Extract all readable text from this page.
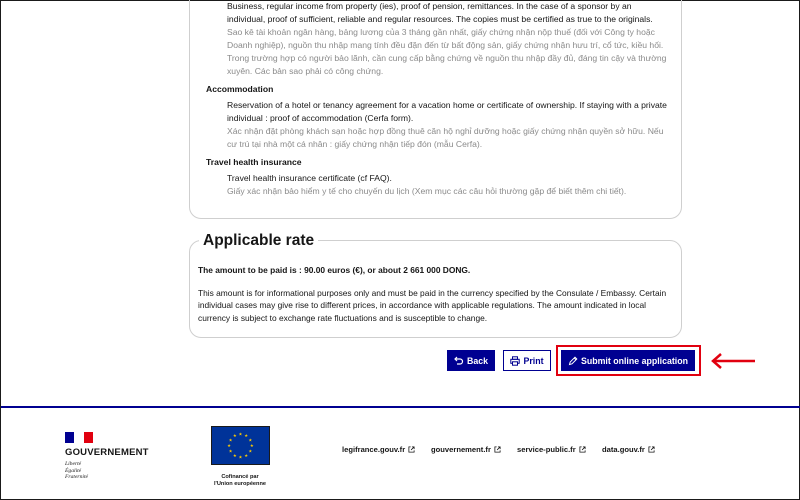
Business, regular income from property (ies), proof of pension, remittances. In the case of a sponsor by an individual, proof of sufficient, reliable and regular resources. The copies must be certified as true to the originals.
Sao kê tài khoản ngân hàng, bảng lương của 3 tháng gần nhất, giấy chứng nhận nộp thuế (đối với Công ty hoặc Doanh nghiệp), nguồn thu nhập mang tính đều đặn đến từ bất động sản, giấy chứng nhận hưu trí, cổ tức, kiều hối. Trong trường hợp có người bảo lãnh, cần cung cấp bằng chứng về nguồn thu nhập đầy đủ, đáng tin cậy và thường xuyên. Các bản sao phải có công chứng.
Accommodation
Reservation of a hotel or tenancy agreement for a vacation home or certificate of ownership. If staying with a private individual : proof of accommodation (Cerfa form).
Xác nhận đặt phòng khách sạn hoặc hợp đồng thuê căn hộ nghỉ dưỡng hoặc giấy chứng nhận quyền sở hữu. Nếu cư trú tại nhà một cá nhân : giấy chứng nhận tiếp đón (mẫu Cerfa).
Travel health insurance
Travel health insurance certificate (cf FAQ).
Giấy xác nhận bảo hiểm y tế cho chuyến du lịch (Xem mục các câu hỏi thường gặp để biết thêm chi tiết).
Applicable rate
The amount to be paid is : 90.00 euros (€), or about 2 661 000 DONG.
This amount is for informational purposes only and must be paid in the currency specified by the Consulate / Embassy. Certain individual cases may give rise to different prices, in accordance with applicable regulations. The amount indicated in local currency is subject to exchange rate fluctuations and is susceptible to change.
Back	Print	Submit online application
GOUVERNEMENT
Liberté
Égalité
Fraternité
★ ★
★
★
★
★
★
★
★
★
★
★
Cofinancé par
l'Union européenne
legifrance.gouv.fr	gouvernement.fr	service-public.fr	data.gouv.fr
